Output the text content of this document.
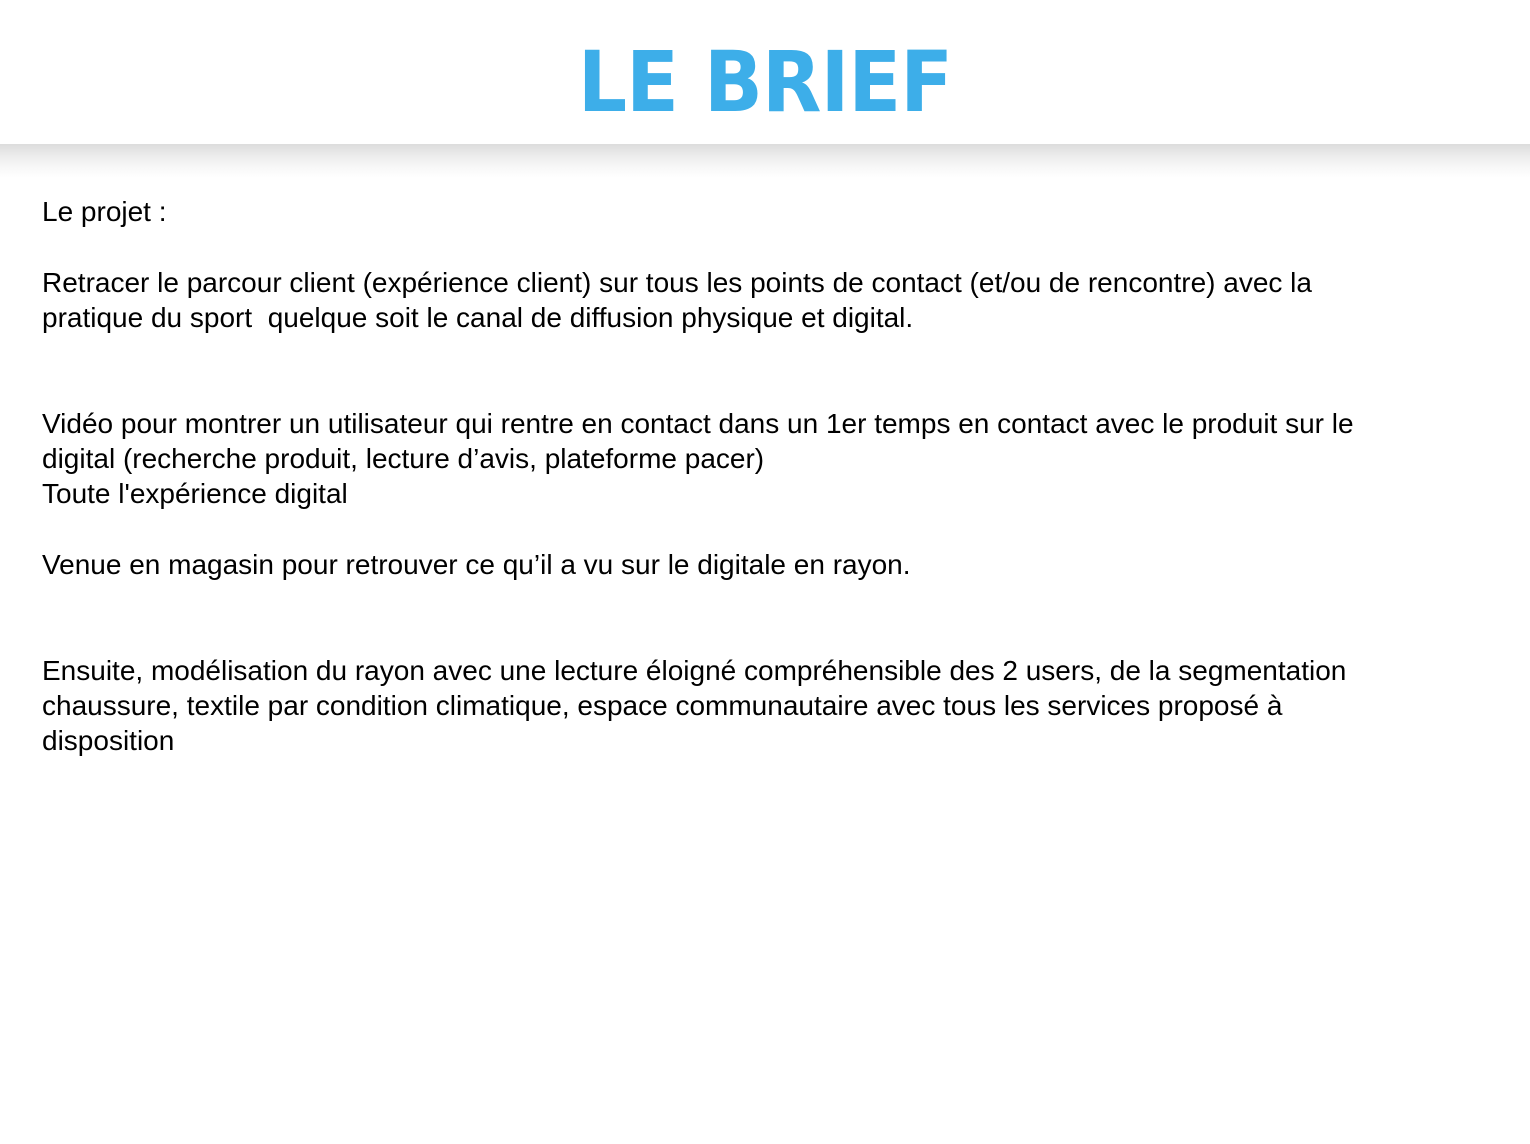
LE BRIEF
Le projet :
Retracer le parcour client (expérience client) sur tous les points de contact (et/ou de rencontre) avec la
pratique du sport  quelque soit le canal de diffusion physique et digital.
Vidéo pour montrer un utilisateur qui rentre en contact dans un 1er temps en contact avec le produit sur le
digital (recherche produit, lecture d’avis, plateforme pacer)
Toute l'expérience digital
Venue en magasin pour retrouver ce qu’il a vu sur le digitale en rayon.
Ensuite, modélisation du rayon avec une lecture éloigné compréhensible des 2 users, de la segmentation
chaussure, textile par condition climatique, espace communautaire avec tous les services proposé à
disposition
